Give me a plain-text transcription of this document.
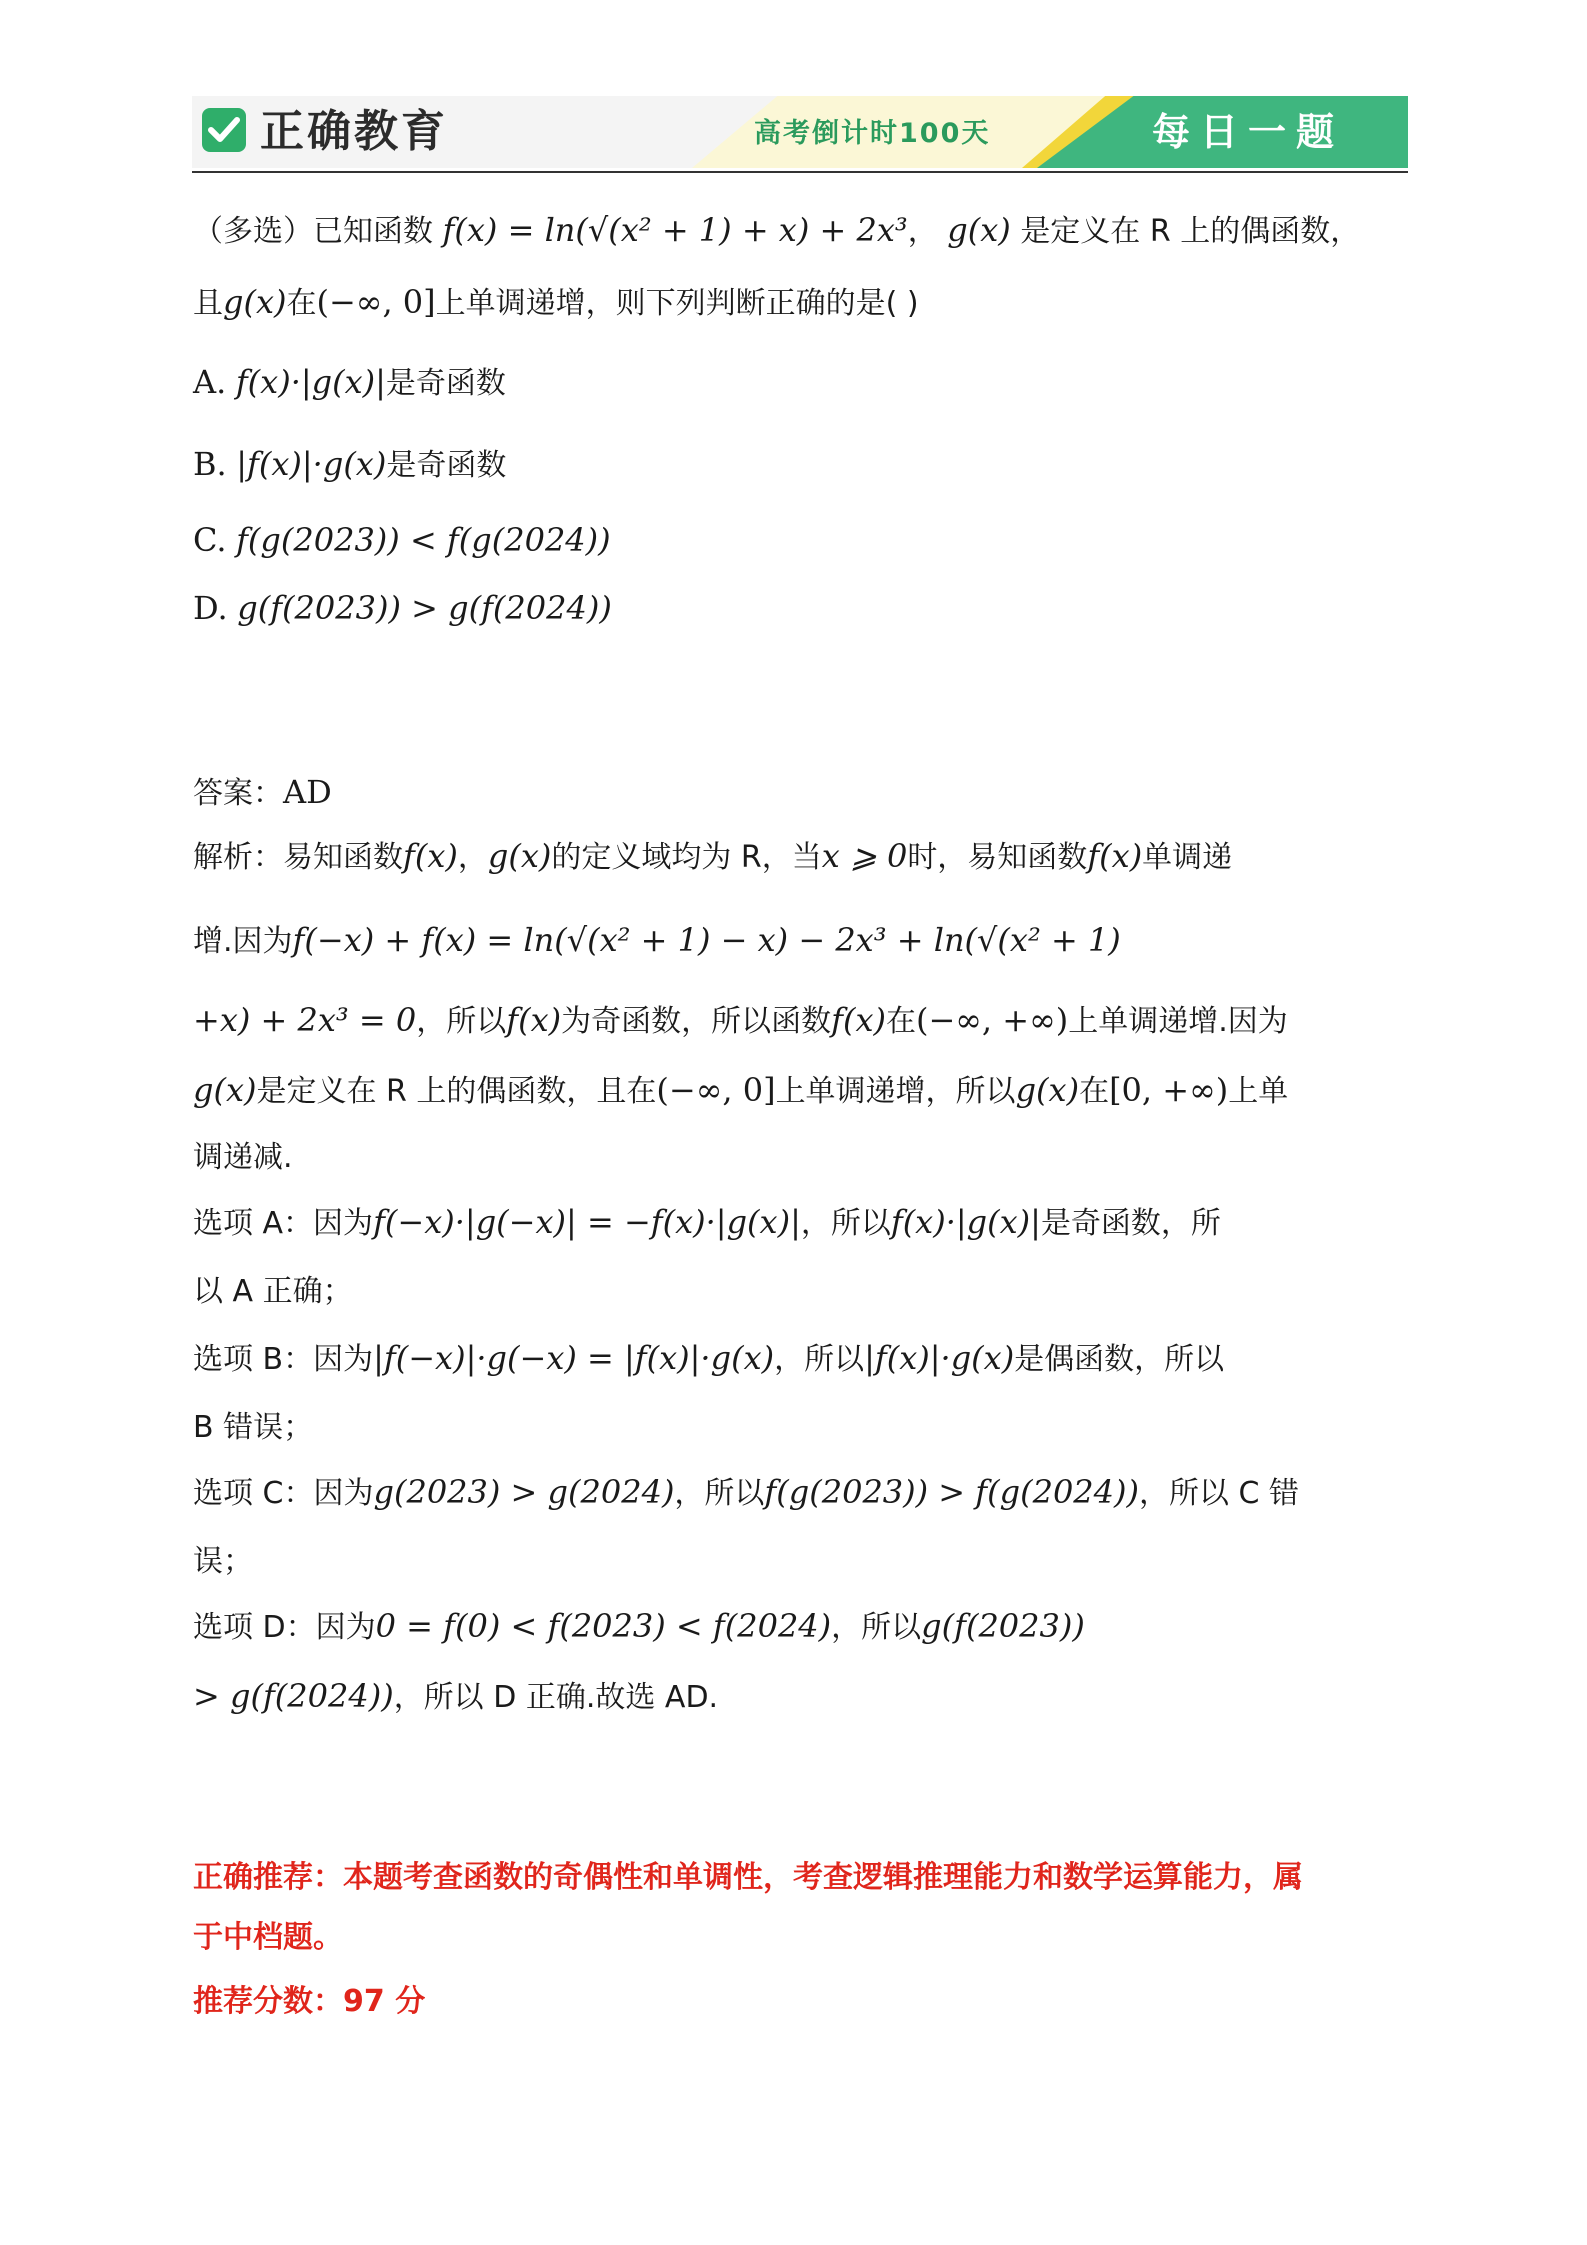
正确教育	高考倒计时100天	每日一题
（多选）已知函数 f(x) = ln(√(x² + 1) + x) + 2x³， g(x) 是定义在 R 上的偶函数，
且g(x)在(−∞, 0]上单调递增，则下列判断正确的是( )
A. f(x)·|g(x)|是奇函数
B. |f(x)|·g(x)是奇函数
C. f(g(2023)) < f(g(2024))
D. g(f(2023)) > g(f(2024))
答案：AD
解析：易知函数f(x)，g(x)的定义域均为 R，当x ⩾ 0时，易知函数f(x)单调递
增.因为f(−x) + f(x) = ln(√(x² + 1) − x) − 2x³ + ln(√(x² + 1)
+x) + 2x³ = 0，所以f(x)为奇函数，所以函数f(x)在(−∞, +∞)上单调递增.因为
g(x)是定义在 R 上的偶函数，且在(−∞, 0]上单调递增，所以g(x)在[0, +∞)上单
调递减.
选项 A：因为f(−x)·|g(−x)| = −f(x)·|g(x)|，所以f(x)·|g(x)|是奇函数，所
以 A 正确；
选项 B：因为|f(−x)|·g(−x) = |f(x)|·g(x)，所以|f(x)|·g(x)是偶函数，所以
B 错误；
选项 C：因为g(2023) > g(2024)，所以f(g(2023)) > f(g(2024))，所以 C 错
误；
选项 D：因为0 = f(0) < f(2023) < f(2024)，所以g(f(2023))
> g(f(2024))，所以 D 正确.故选 AD.
正确推荐：本题考查函数的奇偶性和单调性，考查逻辑推理能力和数学运算能力，属
于中档题。
推荐分数：97 分
